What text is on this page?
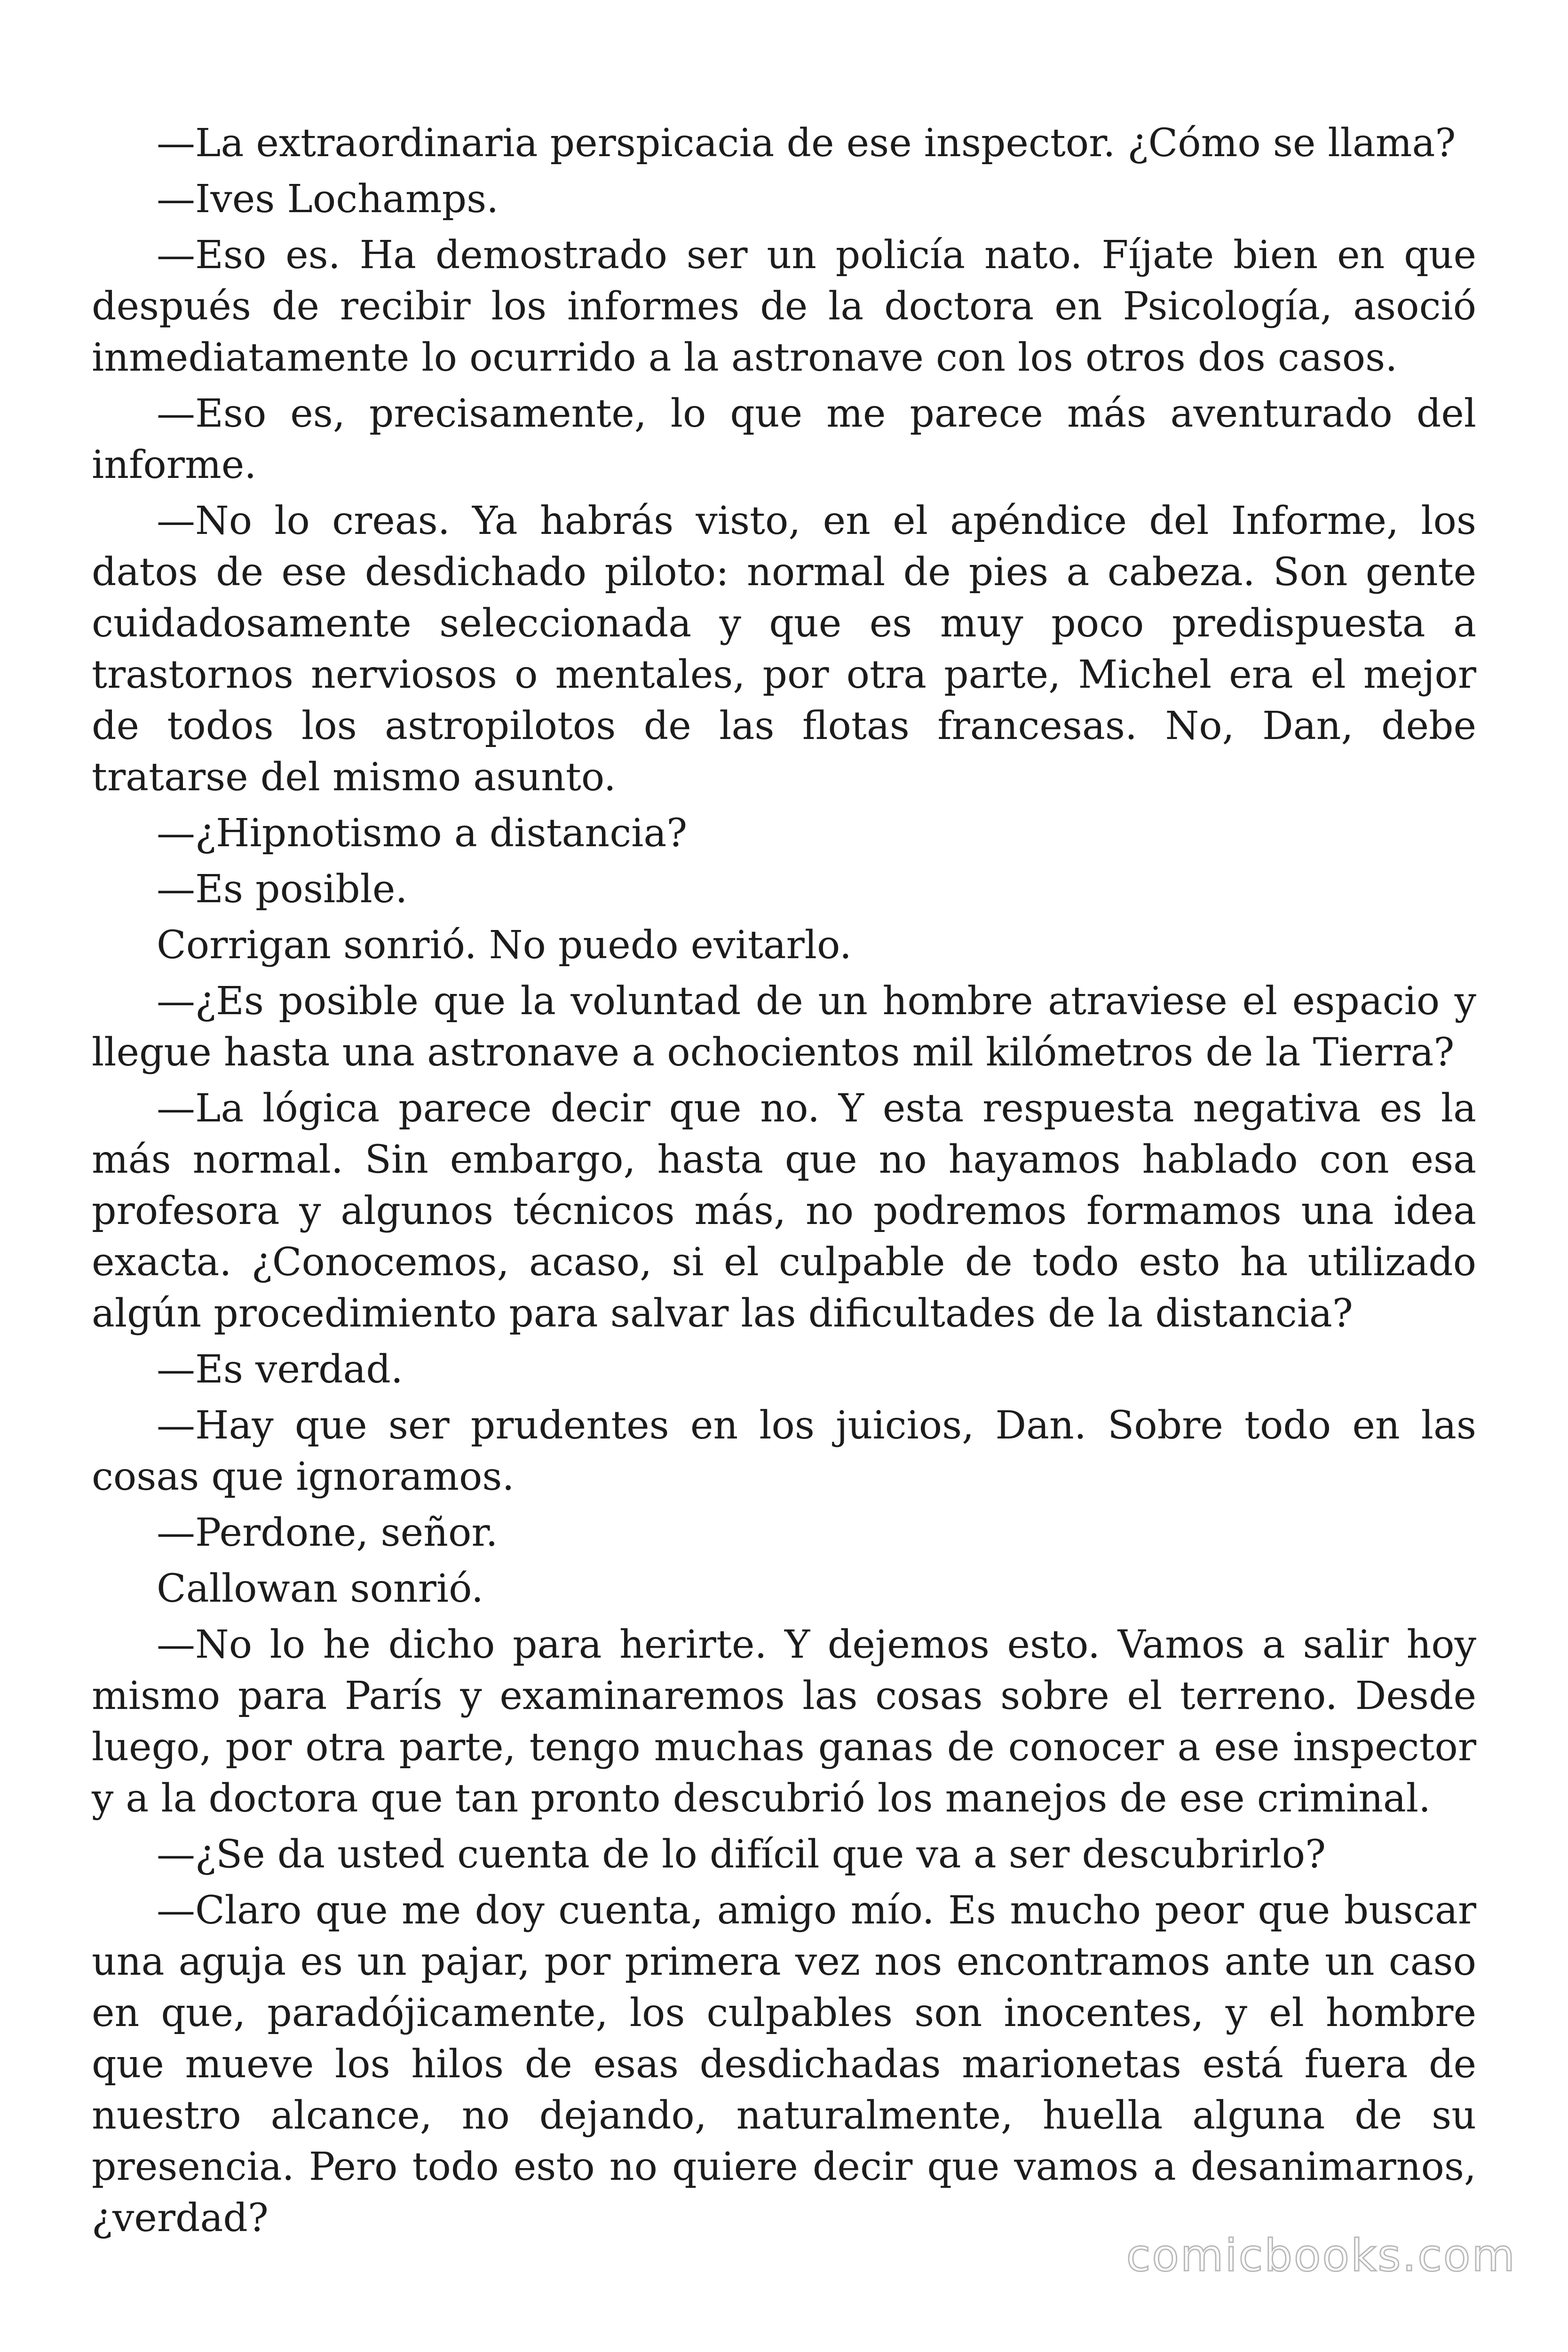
—La extraordinaria perspicacia de ese inspector. ¿Cómo se llama?

—Ives Lochamps.

—Eso es. Ha demostrado ser un policía nato. Fíjate bien en que después de recibir los informes de la doctora en Psicología, asoció inmediatamente lo ocurrido a la astronave con los otros dos casos.

—Eso es, precisamente, lo que me parece más aventurado del informe.

—No lo creas. Ya habrás visto, en el apéndice del Informe, los datos de ese desdichado piloto: normal de pies a cabeza. Son gente cuidadosamente seleccionada y que es muy poco predispuesta a trastornos nerviosos o mentales, por otra parte, Michel era el mejor de todos los astropilotos de las flotas francesas. No, Dan, debe tratarse del mismo asunto.

—¿Hipnotismo a distancia?

—Es posible.

Corrigan sonrió. No puedo evitarlo.

—¿Es posible que la voluntad de un hombre atraviese el espacio y llegue hasta una astronave a ochocientos mil kilómetros de la Tierra?

—La lógica parece decir que no. Y esta respuesta negativa es la más normal. Sin embargo, hasta que no hayamos hablado con esa profesora y algunos técnicos más, no podremos formamos una idea exacta. ¿Conocemos, acaso, si el culpable de todo esto ha utilizado algún procedimiento para salvar las dificultades de la distancia?

—Es verdad.

—Hay que ser prudentes en los juicios, Dan. Sobre todo en las cosas que ignoramos.

—Perdone, señor.

Callowan sonrió.

—No lo he dicho para herirte. Y dejemos esto. Vamos a salir hoy mismo para París y examinaremos las cosas sobre el terreno. Desde luego, por otra parte, tengo muchas ganas de conocer a ese inspector y a la doctora que tan pronto descubrió los manejos de ese criminal.

—¿Se da usted cuenta de lo difícil que va a ser descubrirlo?

—Claro que me doy cuenta, amigo mío. Es mucho peor que buscar una aguja es un pajar, por primera vez nos encontramos ante un caso en que, paradójicamente, los culpables son inocentes, y el hombre que mueve los hilos de esas desdichadas marionetas está fuera de nuestro alcance, no dejando, naturalmente, huella alguna de su presencia. Pero todo esto no quiere decir que vamos a desanimarnos, ¿verdad?

comicbooks.com
